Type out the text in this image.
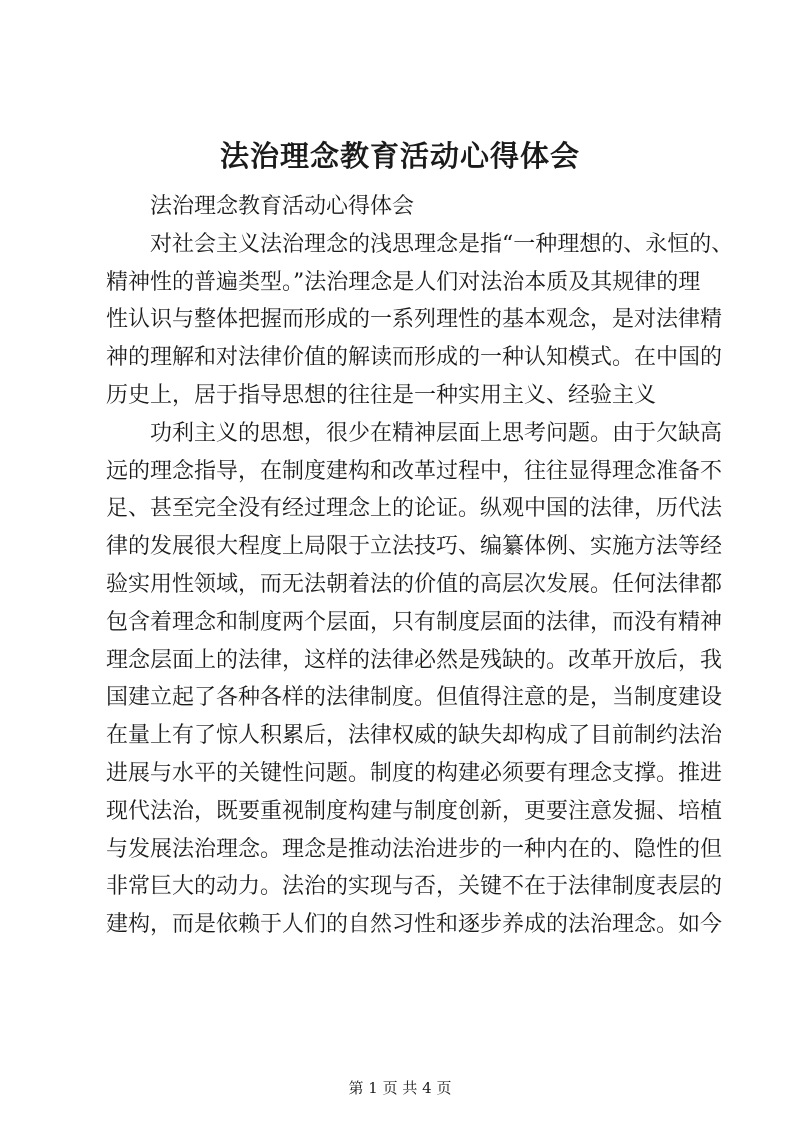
法治理念教育活动心得体会
法治理念教育活动心得体会
对社会主义法治理念的浅思理念是指“一种理想的、永恒的、
精神性的普遍类型。”法治理念是人们对法治本质及其规律的理
性认识与整体把握而形成的一系列理性的基本观念，是对法律精
神的理解和对法律价值的解读而形成的一种认知模式。在中国的
历史上，居于指导思想的往往是一种实用主义、经验主义
功利主义的思想，很少在精神层面上思考问题。由于欠缺高
远的理念指导，在制度建构和改革过程中，往往显得理念准备不
足、甚至完全没有经过理念上的论证。纵观中国的法律，历代法
律的发展很大程度上局限于立法技巧、编纂体例、实施方法等经
验实用性领域，而无法朝着法的价值的高层次发展。任何法律都
包含着理念和制度两个层面，只有制度层面的法律，而没有精神
理念层面上的法律，这样的法律必然是残缺的。改革开放后，我
国建立起了各种各样的法律制度。但值得注意的是，当制度建设
在量上有了惊人积累后，法律权威的缺失却构成了目前制约法治
进展与水平的关键性问题。制度的构建必须要有理念支撑。推进
现代法治，既要重视制度构建与制度创新，更要注意发掘、培植
与发展法治理念。理念是推动法治进步的一种内在的、隐性的但
非常巨大的动力。法治的实现与否，关键不在于法律制度表层的
建构，而是依赖于人们的自然习性和逐步养成的法治理念。如今
第 1 页 共 4 页
